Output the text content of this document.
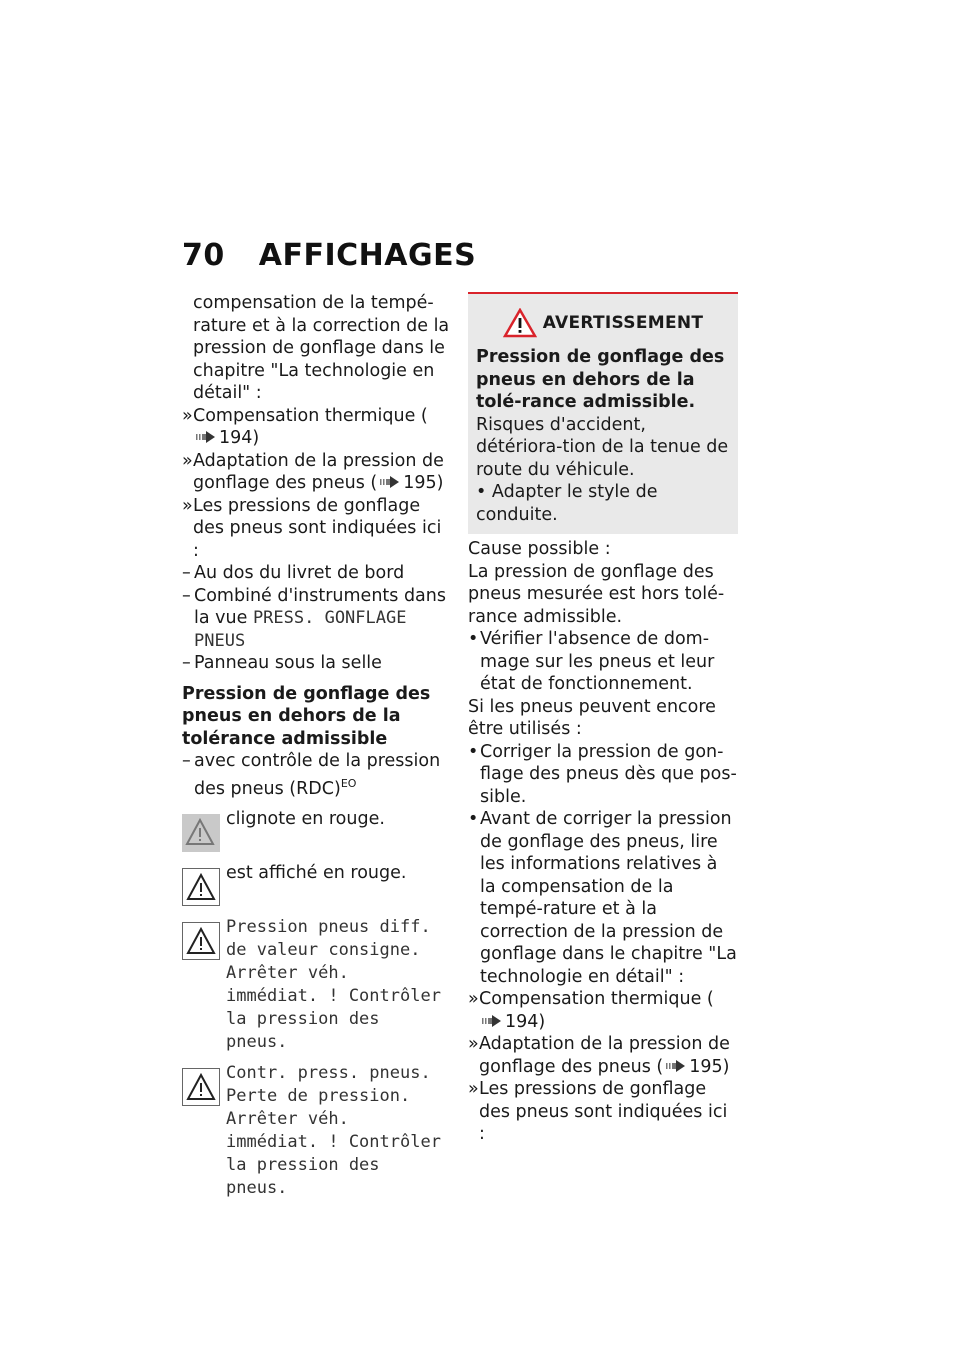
70 AFFICHAGES

compensation de la tempé-rature et à la correction de la pression de gonflage dans le chapitre "La technologie en détail" :

» Compensation thermique (194)

» Adaptation de la pression de gonflage des pneus ( 195)

» Les pressions de gonflage des pneus sont indiquées ici :

– Au dos du livret de bord

– Combiné d'instruments dans la vue PRESS. GONFLAGE PNEUS

– Panneau sous la selle

Pression de gonflage des pneus en dehors de la tolérance admissible

– avec contrôle de la pression des pneus (RDC)$^{EO}$

clignote en rouge.

est affiché en rouge.

Pression pneus diff. de valeur consigne. Arrêter véh. immédiat. ! Contrôler la pression des pneus.

Contr. press. pneus. Perte de pression. Arrêter véh. immédiat. ! Contrôler la pression des pneus.

AVERTISSEMENT

Pression de gonflage des pneus en dehors de la tolé-rance admissible.

Risques d'accident, détériora-tion de la tenue de route du véhicule.

• Adapter le style de conduite.

Cause possible :

La pression de gonflage des pneus mesurée est hors tolé-rance admissible.

• Vérifier l'absence de dom-mage sur les pneus et leur état de fonctionnement.

Si les pneus peuvent encore être utilisés :

• Corriger la pression de gon-flage des pneus dès que pos-sible.

• Avant de corriger la pression de gonflage des pneus, lire les informations relatives à la compensation de la tempé-rature et à la correction de la pression de gonflage dans le chapitre "La technologie en détail" :

» Compensation thermique (194)

» Adaptation de la pression de gonflage des pneus ( 195)

» Les pressions de gonflage des pneus sont indiquées ici :
